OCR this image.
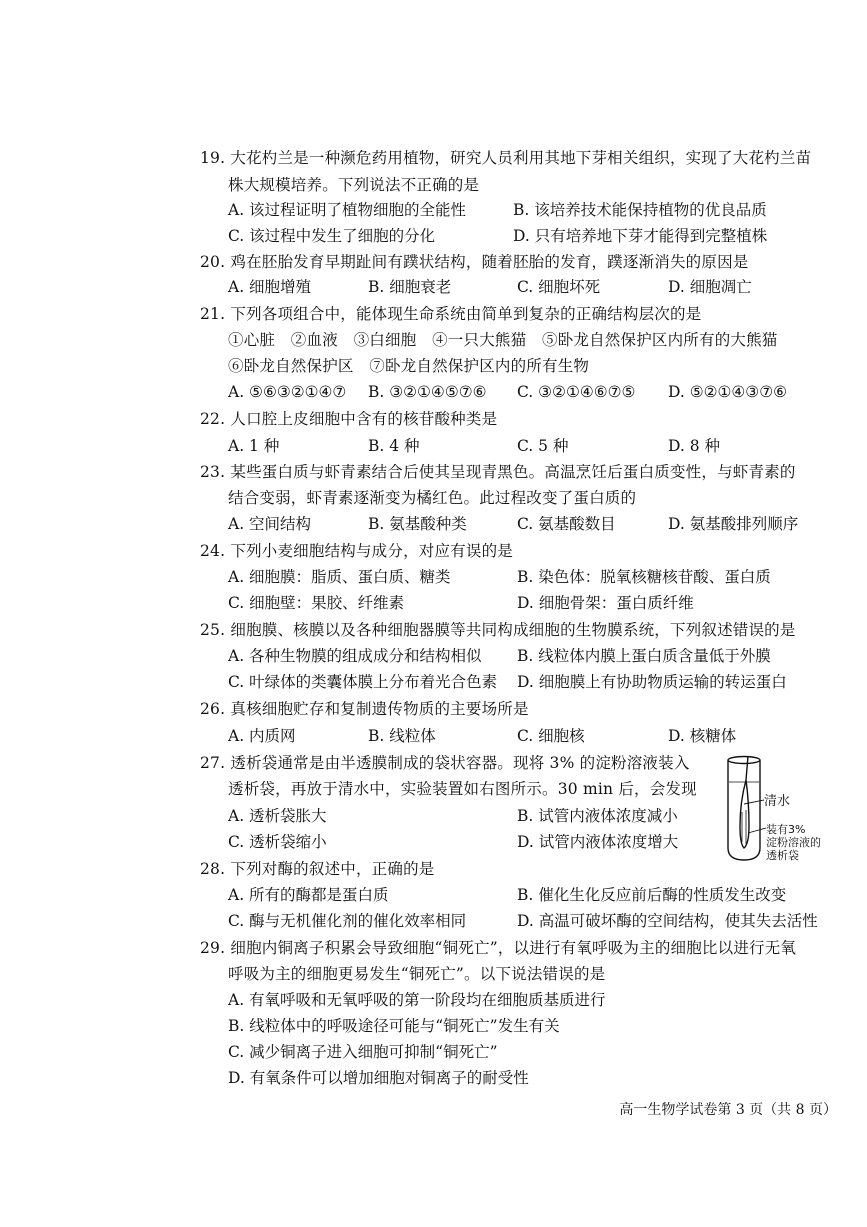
19. 大花杓兰是一种濒危药用植物，研究人员利用其地下芽相关组织，实现了大花杓兰苗
株大规模培养。下列说法不正确的是
A. 该过程证明了植物细胞的全能性	B. 该培养技术能保持植物的优良品质
C. 该过程中发生了细胞的分化	D. 只有培养地下芽才能得到完整植株
20. 鸡在胚胎发育早期趾间有蹼状结构，随着胚胎的发育，蹼逐渐消失的原因是
A. 细胞增殖	B. 细胞衰老	C. 细胞坏死	D. 细胞凋亡
21. 下列各项组合中，能体现生命系统由简单到复杂的正确结构层次的是
①心脏　②血液　③白细胞　④一只大熊猫　⑤卧龙自然保护区内所有的大熊猫
⑥卧龙自然保护区　⑦卧龙自然保护区内的所有生物
A. ⑤⑥③②①④⑦ B. ③②①④⑤⑦⑥ C. ③②①④⑥⑦⑤ D. ⑤②①④③⑦⑥
22. 人口腔上皮细胞中含有的核苷酸种类是
A. 1 种	B. 4 种	C. 5 种	D. 8 种
23. 某些蛋白质与虾青素结合后使其呈现青黑色。高温烹饪后蛋白质变性，与虾青素的
结合变弱，虾青素逐渐变为橘红色。此过程改变了蛋白质的
A. 空间结构	B. 氨基酸种类	C. 氨基酸数目	D. 氨基酸排列顺序
24. 下列小麦细胞结构与成分，对应有误的是
A. 细胞膜：脂质、蛋白质、糖类	B. 染色体：脱氧核糖核苷酸、蛋白质
C. 细胞壁：果胶、纤维素	D. 细胞骨架：蛋白质纤维
25. 细胞膜、核膜以及各种细胞器膜等共同构成细胞的生物膜系统，下列叙述错误的是
A. 各种生物膜的组成成分和结构相似 B. 线粒体内膜上蛋白质含量低于外膜
C. 叶绿体的类囊体膜上分布着光合色素 D. 细胞膜上有协助物质运输的转运蛋白
26. 真核细胞贮存和复制遗传物质的主要场所是
A. 内质网	B. 线粒体	C. 细胞核	D. 核糖体
27. 透析袋通常是由半透膜制成的袋状容器。现将 3% 的淀粉溶液装入
透析袋，再放于清水中，实验装置如右图所示。30 min 后，会发现
A. 透析袋胀大	B. 试管内液体浓度减小
C. 透析袋缩小	D. 试管内液体浓度增大
清水
装有3%
淀粉溶液的
透析袋
28. 下列对酶的叙述中，正确的是
A. 所有的酶都是蛋白质	B. 催化生化反应前后酶的性质发生改变
C. 酶与无机催化剂的催化效率相同	D. 高温可破坏酶的空间结构，使其失去活性
29. 细胞内铜离子积累会导致细胞“铜死亡”，以进行有氧呼吸为主的细胞比以进行无氧
呼吸为主的细胞更易发生“铜死亡”。以下说法错误的是
A. 有氧呼吸和无氧呼吸的第一阶段均在细胞质基质进行
B. 线粒体中的呼吸途径可能与“铜死亡”发生有关
C. 减少铜离子进入细胞可抑制“铜死亡”
D. 有氧条件可以增加细胞对铜离子的耐受性
高一生物学试卷第 3 页（共 8 页）
